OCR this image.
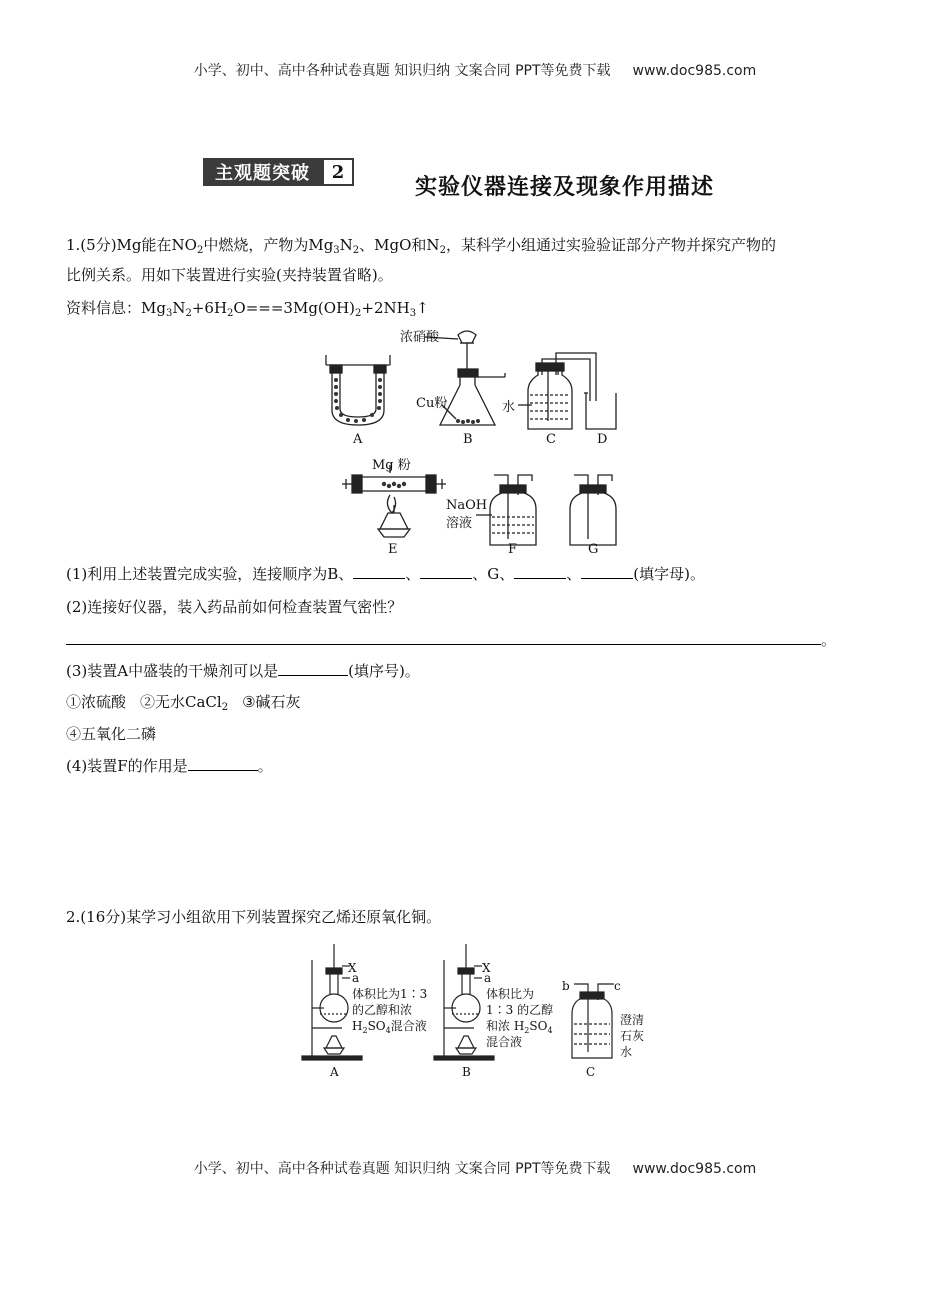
小学、初中、高中各种试卷真题 知识归纳 文案合同 PPT等免费下载 www.doc985.com
主观题突破	2
实验仪器连接及现象作用描述
1.(5分)Mg能在$NO_2$中燃烧，产物为$Mg_3N_2$、MgO和$N_2$，某科学小组通过实验验证部分产物并探究产物的
比例关系。用如下装置进行实验(夹持装置省略)。
资料信息：$Mg_3N_2+6H_2O===3Mg(OH)_2+2NH_3↑$
浓硝酸
Cu粉	水
Mg 粉
NaOH
溶液
A	B	C	D
E	F	G
(1)利用上述装置完成实验，连接顺序为B、	、	、G、	、	(填字母)。
(2)连接好仪器，装入药品前如何检查装置气密性？
。
(3)装置A中盛装的干燥剂可以是	(填序号)。
①浓硫酸 ②无水CaCl$_2$ ③碱石灰
④五氧化二磷
(4)装置F的作用是	。
2.(16分)某学习小组欲用下列装置探究乙烯还原氧化铜。
X
a
体积比为1∶3
的乙醇和浓
$H_2SO_4$混合液
X
a
体积比为
1∶3 的乙醇
和浓 $H_2SO_4$
混合液
b	c
澄清
石灰
水
A	B	C
小学、初中、高中各种试卷真题 知识归纳 文案合同 PPT等免费下载 www.doc985.com
